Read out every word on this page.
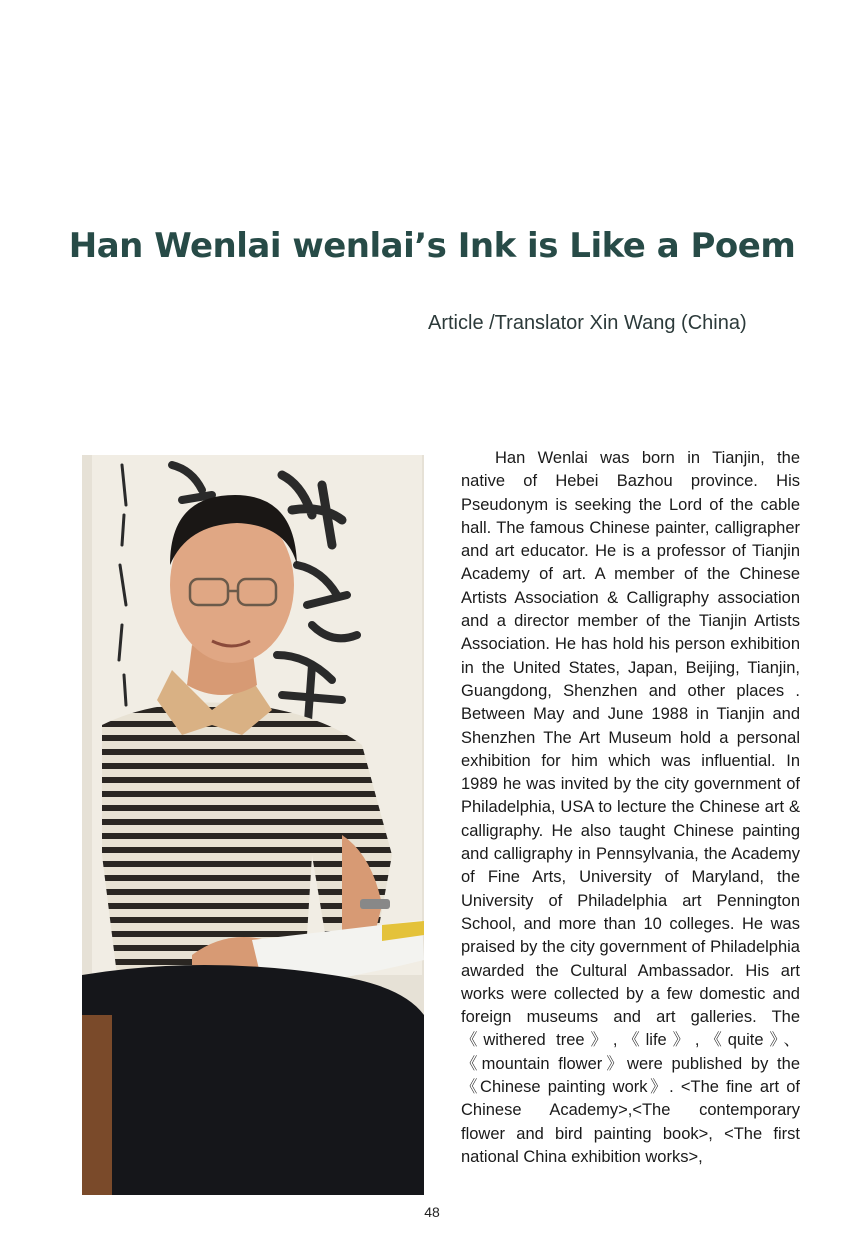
Han Wenlai wenlai’s Ink is Like a Poem
Article /Translator Xin Wang (China)
Han Wenlai was born in Tianjin, the native of Hebei Bazhou province. His Pseudonym is seeking the Lord of the cable hall. The famous Chinese painter, calligrapher and art educator. He is a professor of Tianjin Academy of art. A member of the Chinese Artists Association & Calligraphy association and a director member of the Tianjin Artists Association. He has hold his person exhibition in the United States, Japan, Beijing, Tianjin, Guangdong, Shenzhen and other places . Between May and June 1988 in Tianjin and Shenzhen The Art Museum hold a personal exhibition for him which was influential. In 1989 he was invited by the city government of Philadelphia, USA to lecture the Chinese art & calligraphy. He also taught Chinese painting and calligraphy in Pennsylvania, the Academy of Fine Arts, University of Maryland, the University of Philadelphia art Pennington School, and more than 10 colleges. He was praised by the city government of Philadelphia awarded the Cultural Ambassador. His art works were collected by a few domestic and foreign museums and art galleries. The《withered tree》,《life》,《quite》、《mountain flower》were published by the 《Chinese painting work》. <The fine art of Chinese Academy>,<The contemporary flower and bird painting book>, <The first national China exhibition works>,
48
